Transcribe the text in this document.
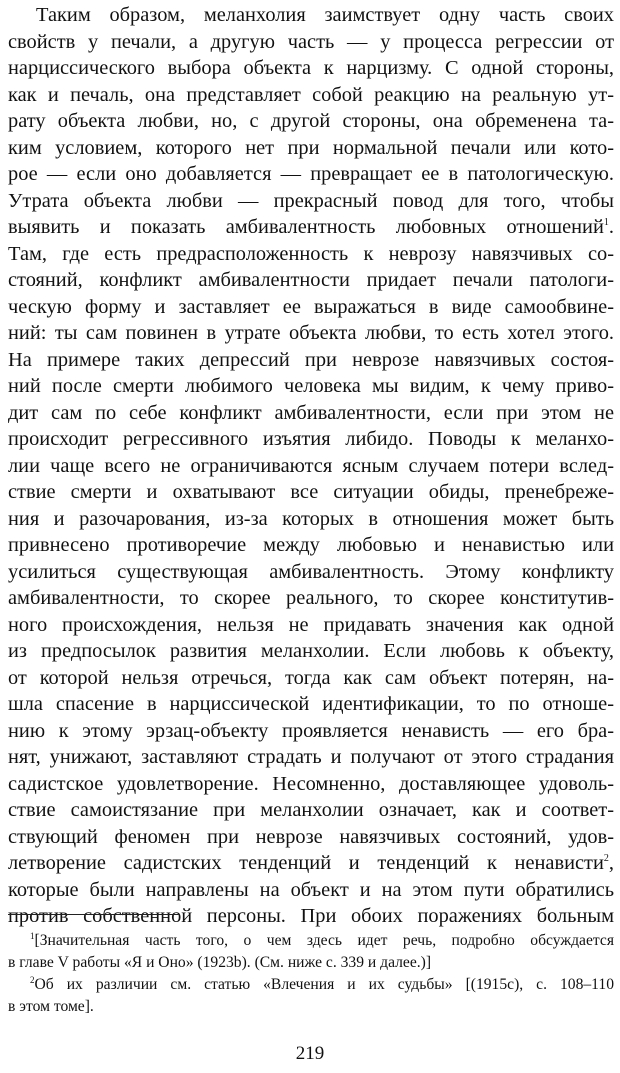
Таким образом, меланхолия заимствует одну часть своих
свойств у печали, а другую часть — у процесса регрессии от
нарциссического выбора объекта к нарцизму. С одной стороны,
как и печаль, она представляет собой реакцию на реальную ут-
рату объекта любви, но, с другой стороны, она обременена та-
ким условием, которого нет при нормальной печали или кото-
рое — если оно добавляется — превращает ее в патологическую.
Утрата объекта любви — прекрасный повод для того, чтобы
выявить и показать амбивалентность любовных отношений$^1$.
Там, где есть предрасположенность к неврозу навязчивых со-
стояний, конфликт амбивалентности придает печали патологи-
ческую форму и заставляет ее выражаться в виде самообвине-
ний: ты сам повинен в утрате объекта любви, то есть хотел этого.
На примере таких депрессий при неврозе навязчивых состоя-
ний после смерти любимого человека мы видим, к чему приво-
дит сам по себе конфликт амбивалентности, если при этом не
происходит регрессивного изъятия либидо. Поводы к меланхо-
лии чаще всего не ограничиваются ясным случаем потери вслед-
ствие смерти и охватывают все ситуации обиды, пренебреже-
ния и разочарования, из-за которых в отношения может быть
привнесено противоречие между любовью и ненавистью или
усилиться существующая амбивалентность. Этому конфликту
амбивалентности, то скорее реального, то скорее конститутив-
ного происхождения, нельзя не придавать значения как одной
из предпосылок развития меланхолии. Если любовь к объекту,
от которой нельзя отречься, тогда как сам объект потерян, на-
шла спасение в нарциссической идентификации, то по отноше-
нию к этому эрзац-объекту проявляется ненависть — его бра-
нят, унижают, заставляют страдать и получают от этого страдания
садистское удовлетворение. Несомненно, доставляющее удоволь-
ствие самоистязание при меланхолии означает, как и соответ-
ствующий феномен при неврозе навязчивых состояний, удов-
летворение садистских тенденций и тенденций к ненависти$^2$,
которые были направлены на объект и на этом пути обратились
против собственной персоны. При обоих поражениях больным
$^1$[Значительная часть того, о чем здесь идет речь, подробно обсуждается
в главе V работы «Я и Оно» (1923b). (См. ниже с. 339 и далее.)]
$^2$Об их различии см. статью «Влечения и их судьбы» [(1915c), с. 108–110
в этом томе].
219
